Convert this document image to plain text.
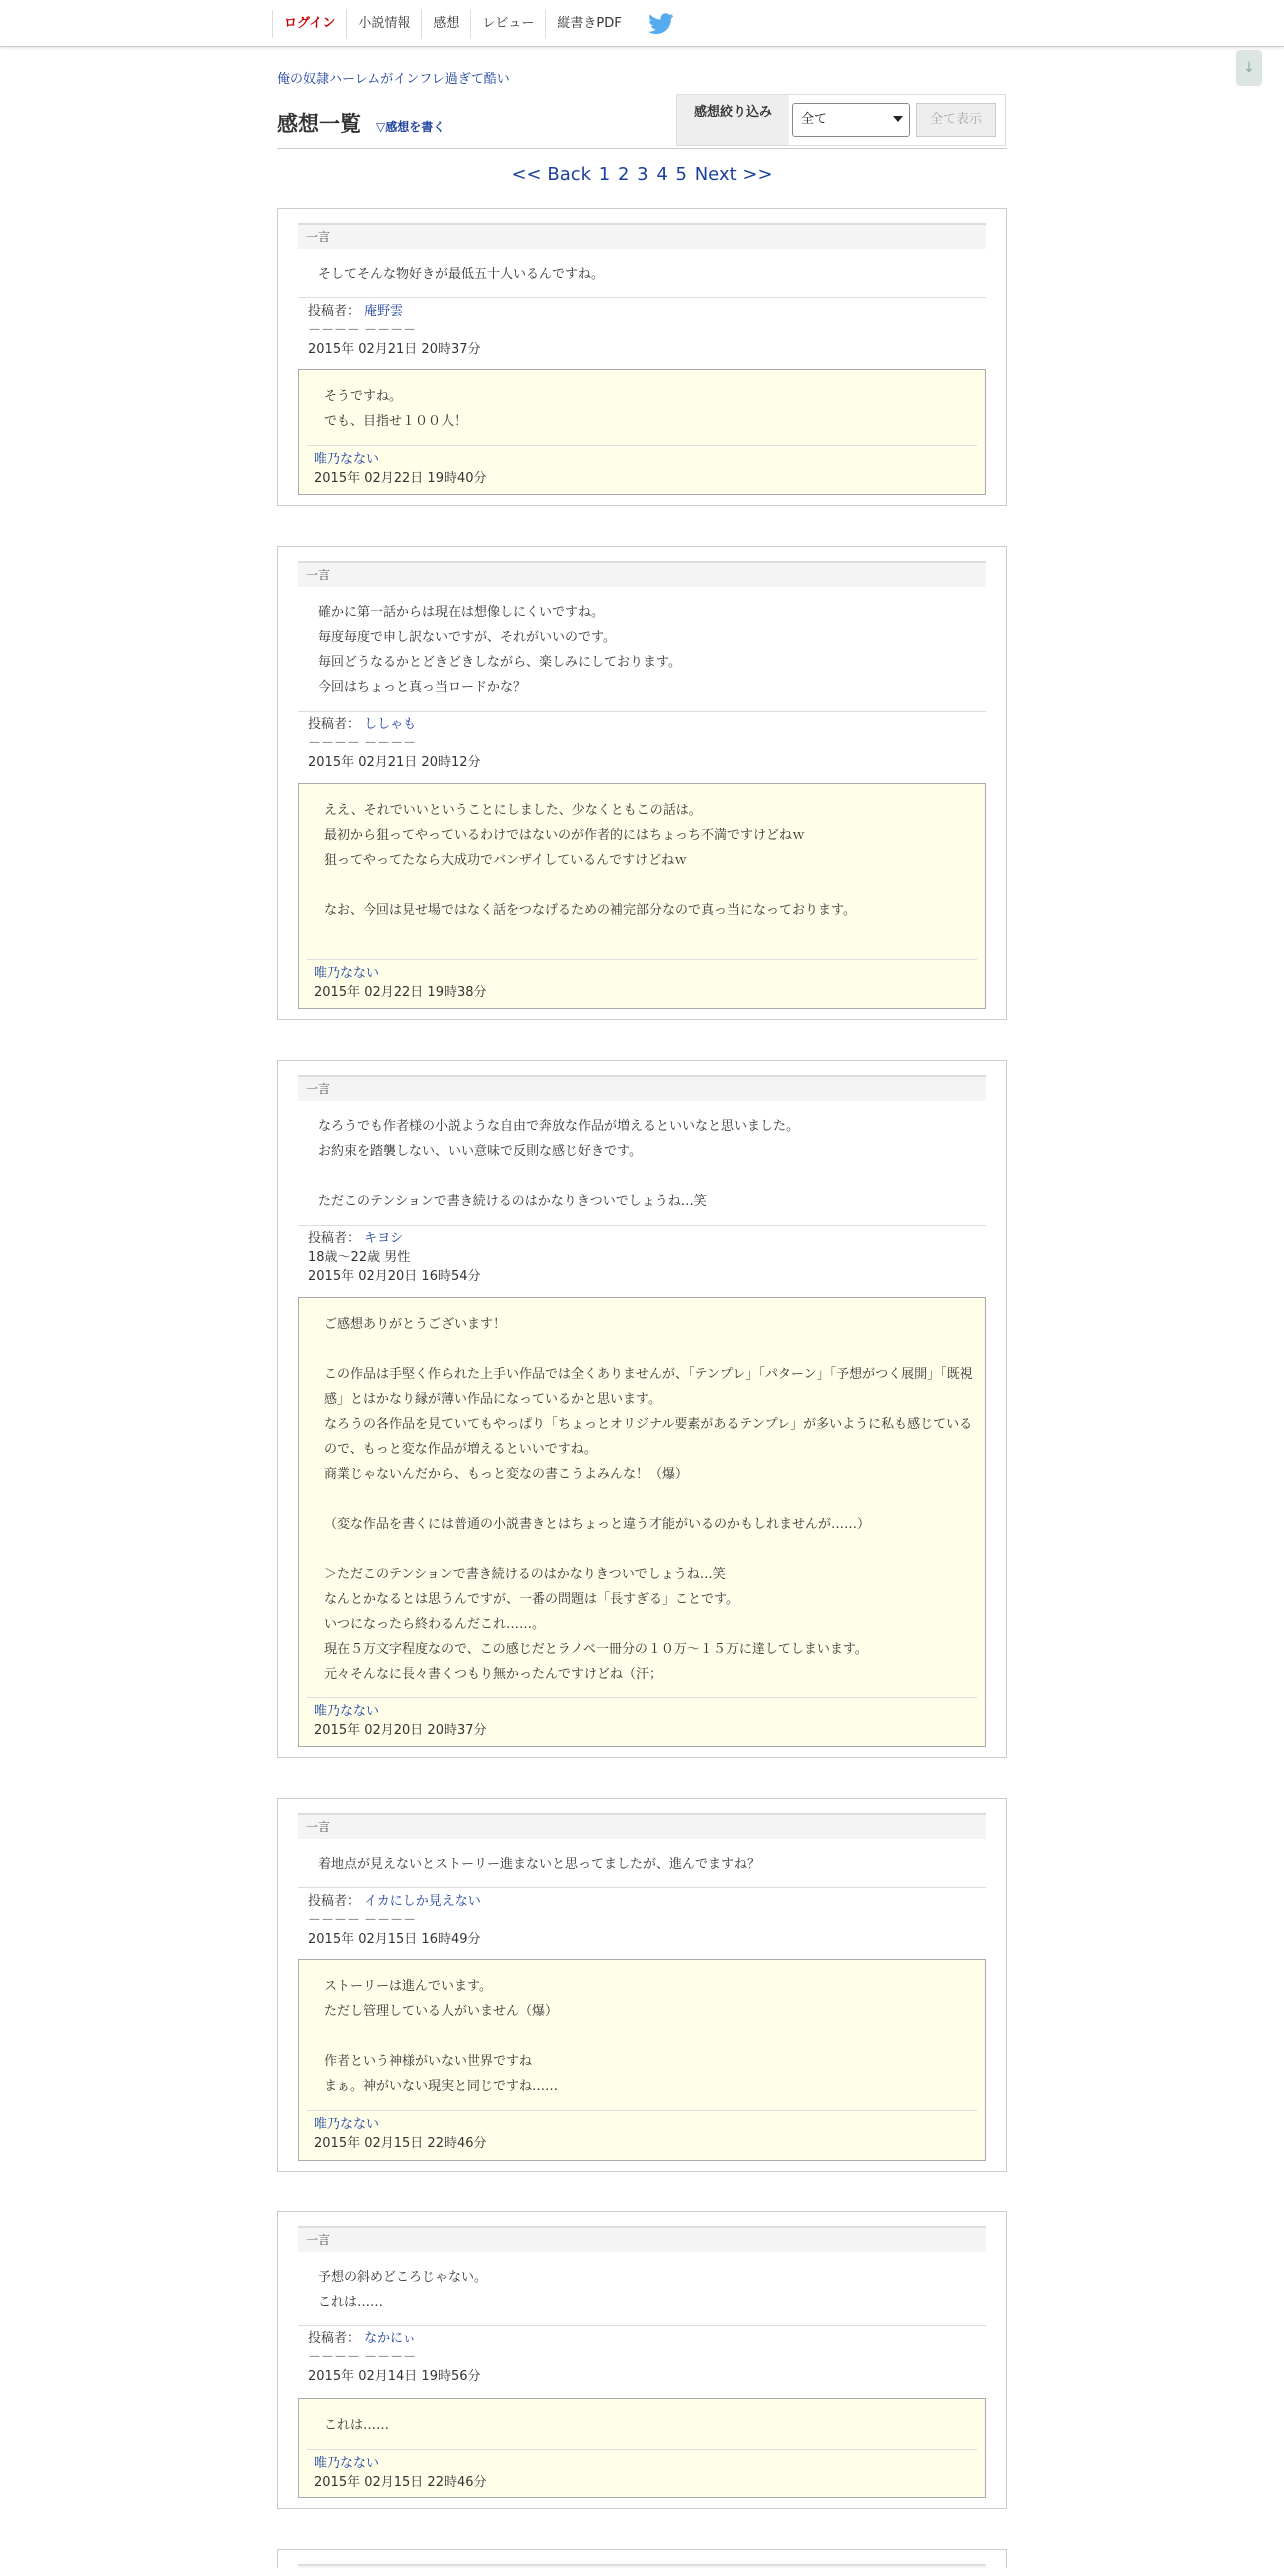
ログイン	小説情報	感想	レビュー	縦書きPDF
↓
俺の奴隷ハーレムがインフレ過ぎて酷い
感想一覧 ▽感想を書く
感想絞り込み	全て	全て表示
<< Back 1 2 3 4 5 Next >>
一言
そしてそんな物好きが最低五十人いるんですね。
投稿者： 庵野雲
－－－－ －－－－
2015年 02月21日 20時37分
そうですね。
でも、目指せ１００人！
唯乃なない
2015年 02月22日 19時40分
一言
確かに第一話からは現在は想像しにくいですね。
毎度毎度で申し訳ないですが、それがいいのです。
毎回どうなるかとどきどきしながら、楽しみにしております。
今回はちょっと真っ当ロードかな？
投稿者： ししゃも
－－－－ －－－－
2015年 02月21日 20時12分
ええ、それでいいということにしました、少なくともこの話は。
最初から狙ってやっているわけではないのが作者的にはちょっち不満ですけどねｗ
狙ってやってたなら大成功でバンザイしているんですけどねｗ

なお、今回は見せ場ではなく話をつなげるための補完部分なので真っ当になっております。
唯乃なない
2015年 02月22日 19時38分
一言
なろうでも作者様の小説ような自由で奔放な作品が増えるといいなと思いました。
お約束を踏襲しない、いい意味で反則な感じ好きです。

ただこのテンションで書き続けるのはかなりきついでしょうね…笑
投稿者： キヨシ
18歳～22歳 男性
2015年 02月20日 16時54分
ご感想ありがとうございます！

この作品は手堅く作られた上手い作品では全くありませんが、「テンプレ」「パターン」「予想がつく展開」「既視感」とはかなり縁が薄い作品になっているかと思います。
なろうの各作品を見ていてもやっぱり「ちょっとオリジナル要素があるテンプレ」が多いように私も感じているので、もっと変な作品が増えるといいですね。
商業じゃないんだから、もっと変なの書こうよみんな！（爆）

（変な作品を書くには普通の小説書きとはちょっと違う才能がいるのかもしれませんが……）

＞ただこのテンションで書き続けるのはかなりきついでしょうね…笑
なんとかなるとは思うんですが、一番の問題は「長すぎる」ことです。
いつになったら終わるんだこれ……。
現在５万文字程度なので、この感じだとラノベ一冊分の１０万～１５万に達してしまいます。
元々そんなに長々書くつもり無かったんですけどね（汗；
唯乃なない
2015年 02月20日 20時37分
一言
着地点が見えないとストーリー進まないと思ってましたが、進んでますね？
投稿者： イカにしか見えない
－－－－ －－－－
2015年 02月15日 16時49分
ストーリーは進んでいます。
ただし管理している人がいません（爆）

作者という神様がいない世界ですね
まぁ。神がいない現実と同じですね……
唯乃なない
2015年 02月15日 22時46分
一言
予想の斜めどころじゃない。
これは……
投稿者： なかにぃ
－－－－ －－－－
2015年 02月14日 19時56分
これは……
唯乃なない
2015年 02月15日 22時46分
